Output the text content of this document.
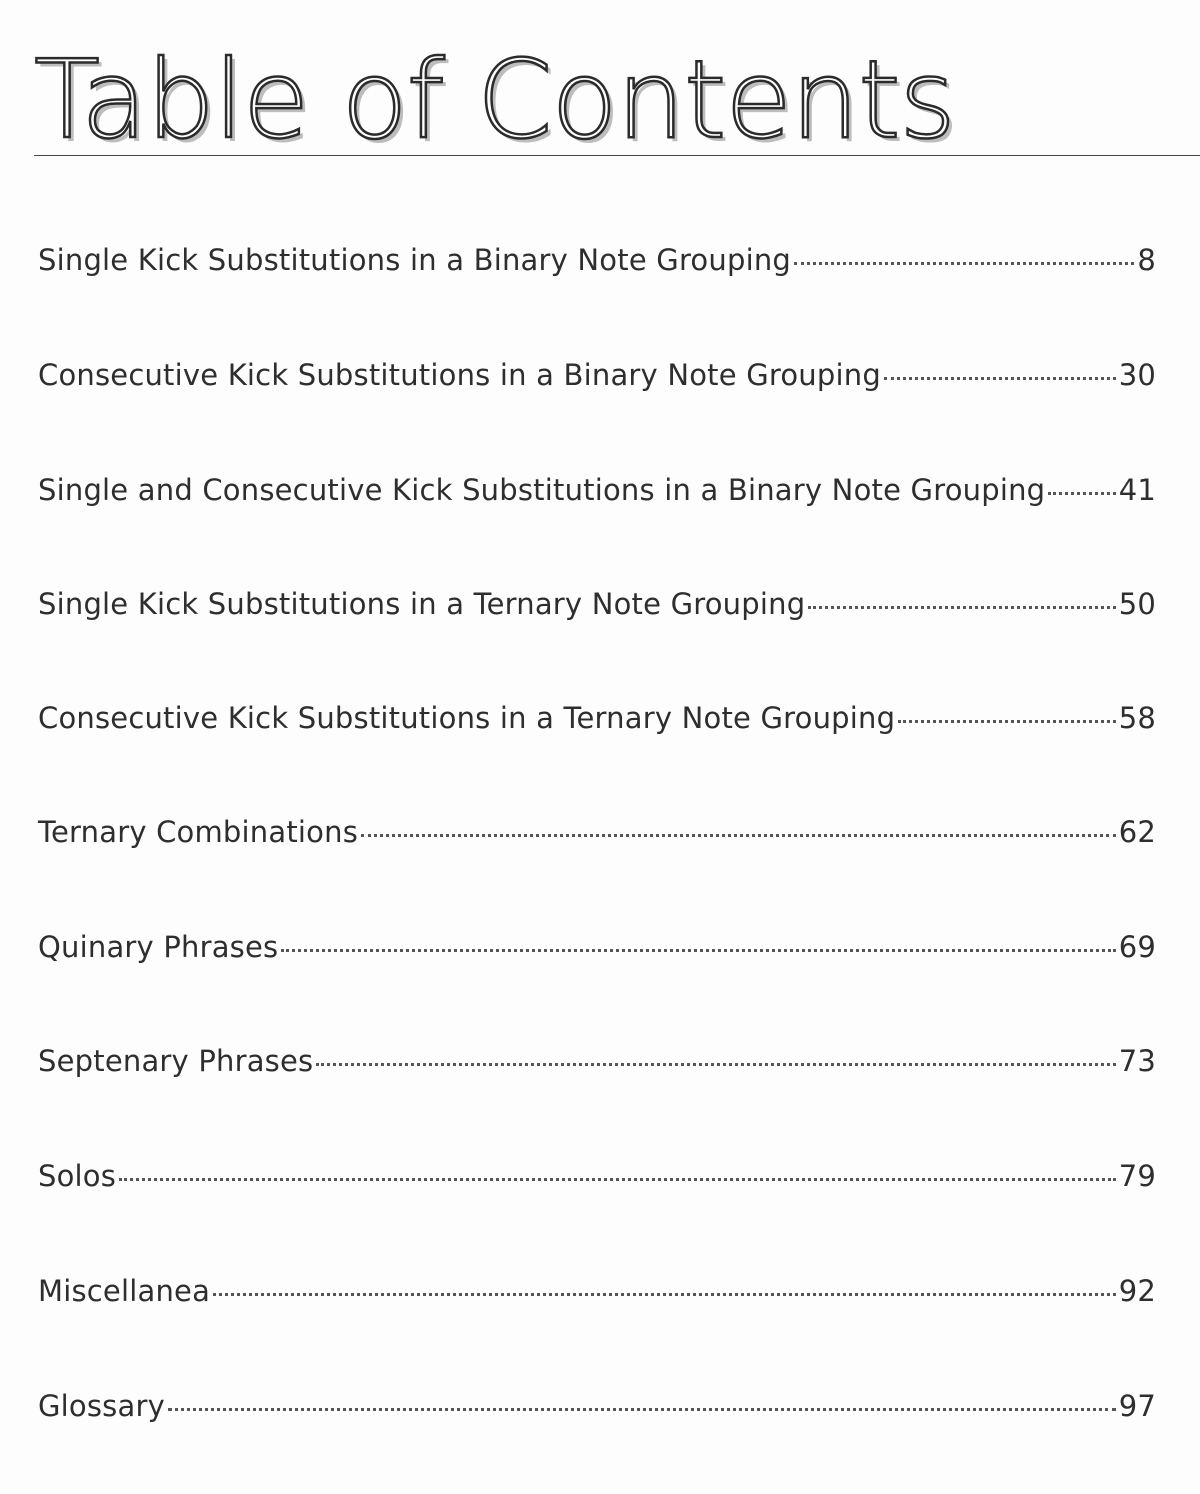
Table of Contents
Single Kick Substitutions in a Binary Note Grouping	8
Consecutive Kick Substitutions in a Binary Note Grouping	30
Single and Consecutive Kick Substitutions in a Binary Note Grouping	41
Single Kick Substitutions in a Ternary Note Grouping	50
Consecutive Kick Substitutions in a Ternary Note Grouping	58
Ternary Combinations	62
Quinary Phrases	69
Septenary Phrases	73
Solos	79
Miscellanea	92
Glossary	97
